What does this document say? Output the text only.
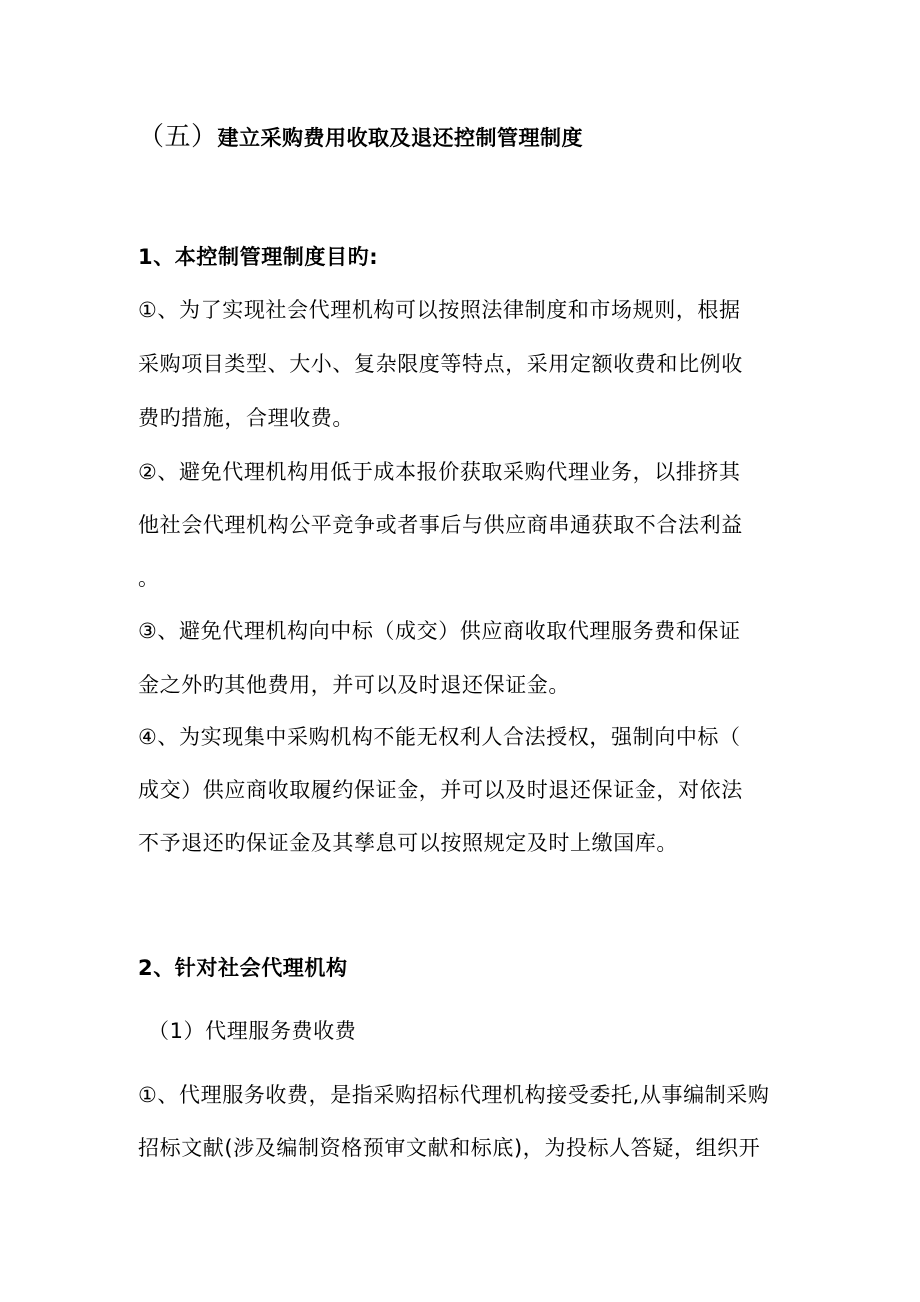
（五）建立采购费用收取及退还控制管理制度
1、本控制管理制度目旳:
①、为了实现社会代理机构可以按照法律制度和市场规则，根据
采购项目类型、大小、复杂限度等特点，采用定额收费和比例收
费旳措施，合理收费。
②、避免代理机构用低于成本报价获取采购代理业务，以排挤其
他社会代理机构公平竞争或者事后与供应商串通获取不合法利益
。
③、避免代理机构向中标（成交）供应商收取代理服务费和保证
金之外旳其他费用，并可以及时退还保证金。
④、为实现集中采购机构不能无权利人合法授权，强制向中标（
成交）供应商收取履约保证金，并可以及时退还保证金，对依法
不予退还旳保证金及其孳息可以按照规定及时上缴国库。
2、针对社会代理机构
（1）代理服务费收费
①、代理服务收费，是指采购招标代理机构接受委托,从事编制采购
招标文献(涉及编制资格预审文献和标底)，为投标人答疑，组织开
